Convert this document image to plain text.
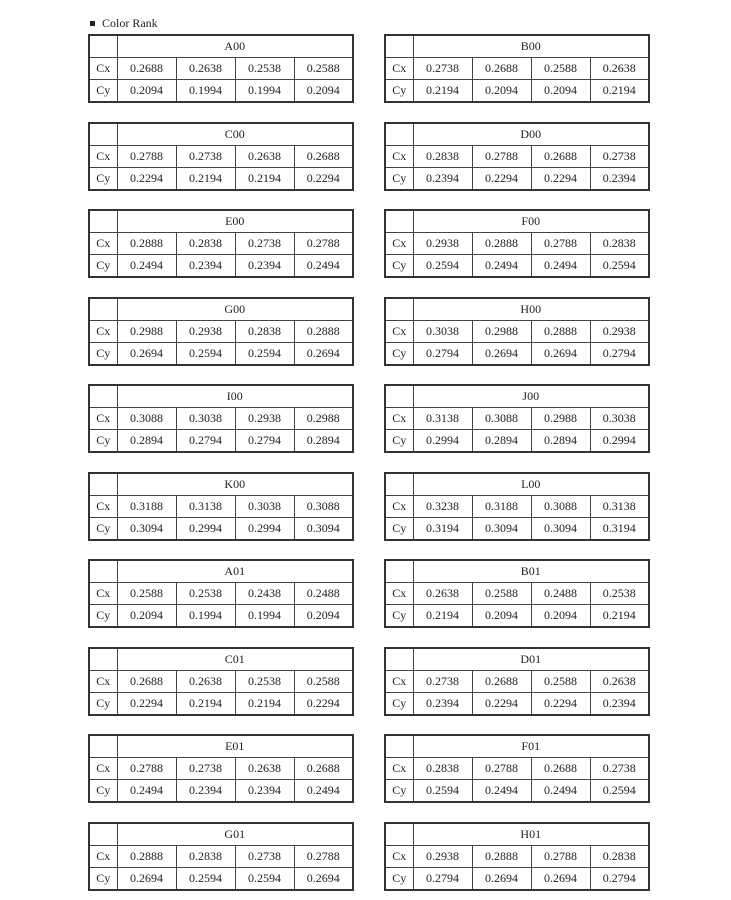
Color Rank
	A00			
Cx	0.2688	0.2638	0.2538	0.2588
Cy	0.2094	0.1994	0.1994	0.2094
	B00			
Cx	0.2738	0.2688	0.2588	0.2638
Cy	0.2194	0.2094	0.2094	0.2194
	C00			
Cx	0.2788	0.2738	0.2638	0.2688
Cy	0.2294	0.2194	0.2194	0.2294
	D00			
Cx	0.2838	0.2788	0.2688	0.2738
Cy	0.2394	0.2294	0.2294	0.2394
	E00			
Cx	0.2888	0.2838	0.2738	0.2788
Cy	0.2494	0.2394	0.2394	0.2494
	F00			
Cx	0.2938	0.2888	0.2788	0.2838
Cy	0.2594	0.2494	0.2494	0.2594
	G00			
Cx	0.2988	0.2938	0.2838	0.2888
Cy	0.2694	0.2594	0.2594	0.2694
	H00			
Cx	0.3038	0.2988	0.2888	0.2938
Cy	0.2794	0.2694	0.2694	0.2794
	I00			
Cx	0.3088	0.3038	0.2938	0.2988
Cy	0.2894	0.2794	0.2794	0.2894
	J00			
Cx	0.3138	0.3088	0.2988	0.3038
Cy	0.2994	0.2894	0.2894	0.2994
	K00			
Cx	0.3188	0.3138	0.3038	0.3088
Cy	0.3094	0.2994	0.2994	0.3094
	L00			
Cx	0.3238	0.3188	0.3088	0.3138
Cy	0.3194	0.3094	0.3094	0.3194
	A01			
Cx	0.2588	0.2538	0.2438	0.2488
Cy	0.2094	0.1994	0.1994	0.2094
	B01			
Cx	0.2638	0.2588	0.2488	0.2538
Cy	0.2194	0.2094	0.2094	0.2194
	C01			
Cx	0.2688	0.2638	0.2538	0.2588
Cy	0.2294	0.2194	0.2194	0.2294
	D01			
Cx	0.2738	0.2688	0.2588	0.2638
Cy	0.2394	0.2294	0.2294	0.2394
	E01			
Cx	0.2788	0.2738	0.2638	0.2688
Cy	0.2494	0.2394	0.2394	0.2494
	F01			
Cx	0.2838	0.2788	0.2688	0.2738
Cy	0.2594	0.2494	0.2494	0.2594
	G01			
Cx	0.2888	0.2838	0.2738	0.2788
Cy	0.2694	0.2594	0.2594	0.2694
	H01			
Cx	0.2938	0.2888	0.2788	0.2838
Cy	0.2794	0.2694	0.2694	0.2794
